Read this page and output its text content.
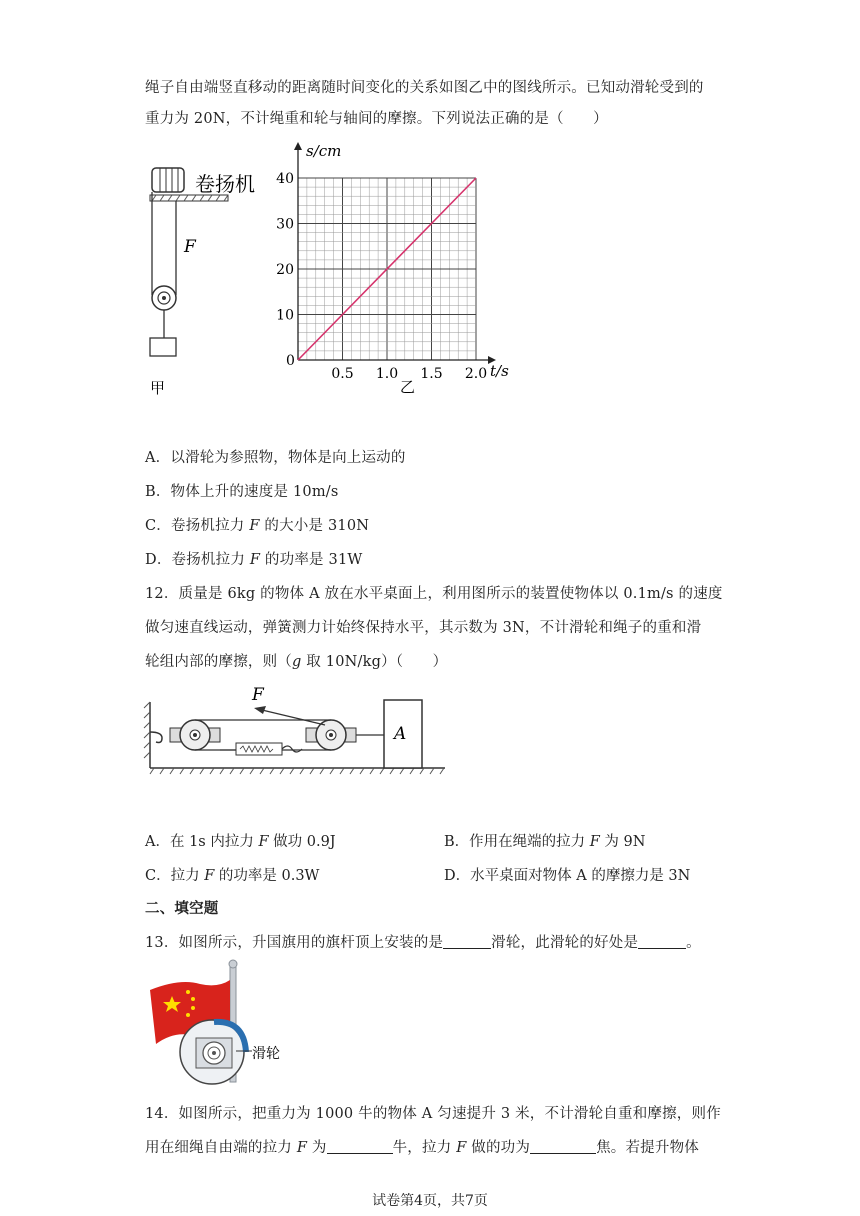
绳子自由端竖直移动的距离随时间变化的关系如图乙中的图线所示。已知动滑轮受到的
重力为 20N，不计绳重和轮与轴间的摩擦。下列说法正确的是（　　）
卷扬机
F
甲
0.5 1.0 1.5 2.0
10
20
30
40
s/cm
t/s
0
乙
A．以滑轮为参照物，物体是向上运动的
B．物体上升的速度是 10m/s
C．卷扬机拉力 F 的大小是 310N
D．卷扬机拉力 F 的功率是 31W
12．质量是 6kg 的物体 A 放在水平桌面上，利用图所示的装置使物体以 0.1m/s 的速度
做匀速直线运动，弹簧测力计始终保持水平，其示数为 3N，不计滑轮和绳子的重和滑
轮组内部的摩擦，则（g 取 10N/kg）（　　）
F
A
A．在 1s 内拉力 F 做功 0.9J	B．作用在绳端的拉力 F 为 9N
C．拉力 F 的功率是 0.3W	D．水平桌面对物体 A 的摩擦力是 3N
二、填空题
13．如图所示，升国旗用的旗杆顶上安装的是	滑轮，此滑轮的好处是	。
滑轮
14．如图所示，把重力为 1000 牛的物体 A 匀速提升 3 米，不计滑轮自重和摩擦，则作
用在细绳自由端的拉力 F 为	牛，拉力 F 做的功为	焦。若提升物体
试卷第4页，共7页
